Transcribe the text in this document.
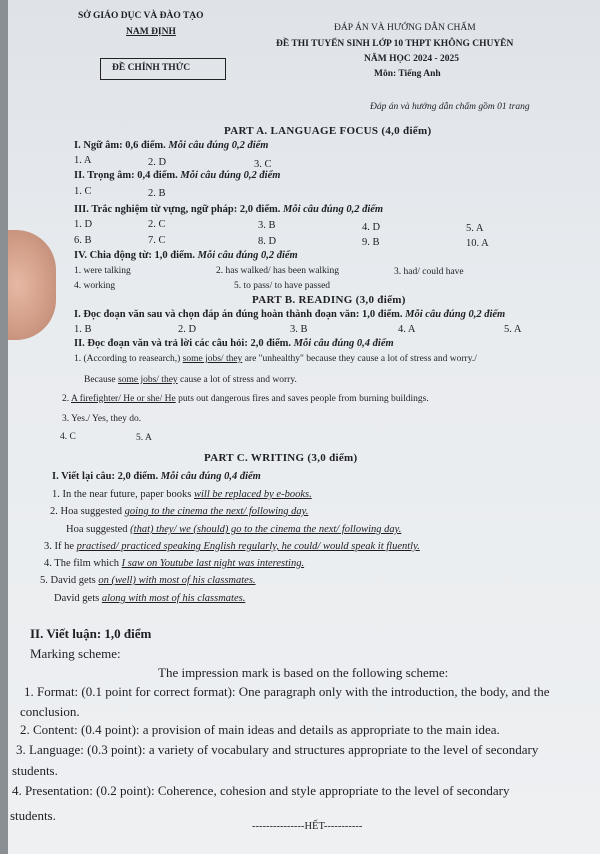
SỞ GIÁO DỤC VÀ ĐÀO TẠO
NAM ĐỊNH
ĐỀ CHÍNH THỨC
ĐÁP ÁN VÀ HƯỚNG DẪN CHẤM
ĐỀ THI TUYỂN SINH LỚP 10 THPT KHÔNG CHUYÊN
NĂM HỌC 2024 - 2025
Môn: Tiếng Anh
Đáp án và hướng dẫn chấm gồm 01 trang
PART A. LANGUAGE FOCUS (4,0 điểm)
I. Ngữ âm: 0,6 điểm. Mỗi câu đúng 0,2 điểm
1. A	2. D	3. C
II. Trọng âm: 0,4 điểm. Mỗi câu đúng 0,2 điểm
1. C	2. B
III. Trắc nghiệm từ vựng, ngữ pháp: 2,0 điểm. Mỗi câu đúng 0,2 điểm
1. D	2. C	3. B	4. D	5. A
6. B	7. C	8. D	9. B	10. A
IV. Chia động từ: 1,0 điểm. Mỗi câu đúng 0,2 điểm
1. were talking	2. has walked/ has been walking	3. had/ could have
4. working	5. to pass/ to have passed
PART B. READING (3,0 điểm)
I. Đọc đoạn văn sau và chọn đáp án đúng hoàn thành đoạn văn: 1,0 điểm. Mỗi câu đúng 0,2 điểm
1. B	2. D	3. B	4. A	5. A
II. Đọc đoạn văn và trả lời các câu hỏi: 2,0 điểm. Mỗi câu đúng 0,4 điểm
1. (According to reasearch,) some jobs/ they are "unhealthy" because they cause a lot of stress and worry./
Because some jobs/ they cause a lot of stress and worry.
2. A firefighter/ He or she/ He puts out dangerous fires and saves people from burning buildings.
3. Yes./ Yes, they do.
4. C	5. A
PART C. WRITING (3,0 điểm)
I. Viết lại câu: 2,0 điểm. Mỗi câu đúng 0,4 điểm
1. In the near future, paper books will be replaced by e-books.
2. Hoa suggested going to the cinema the next/ following day.
Hoa suggested (that) they/ we (should) go to the cinema the next/ following day.
3. If he practised/ practiced speaking English regularly, he could/ would speak it fluently.
4. The film which I saw on Youtube last night was interesting.
5. David gets on (well) with most of his classmates.
David gets along with most of his classmates.
II. Viết luận: 1,0 điểm
Marking scheme:
The impression mark is based on the following scheme:
1. Format: (0.1 point for correct format): One paragraph only with the introduction, the body, and the
conclusion.
2. Content: (0.4 point): a provision of main ideas and details as appropriate to the main idea.
3. Language: (0.3 point): a variety of vocabulary and structures appropriate to the level of secondary
students.
4. Presentation: (0.2 point): Coherence, cohesion and style appropriate to the level of secondary
students.
---------------HẾT-----------
